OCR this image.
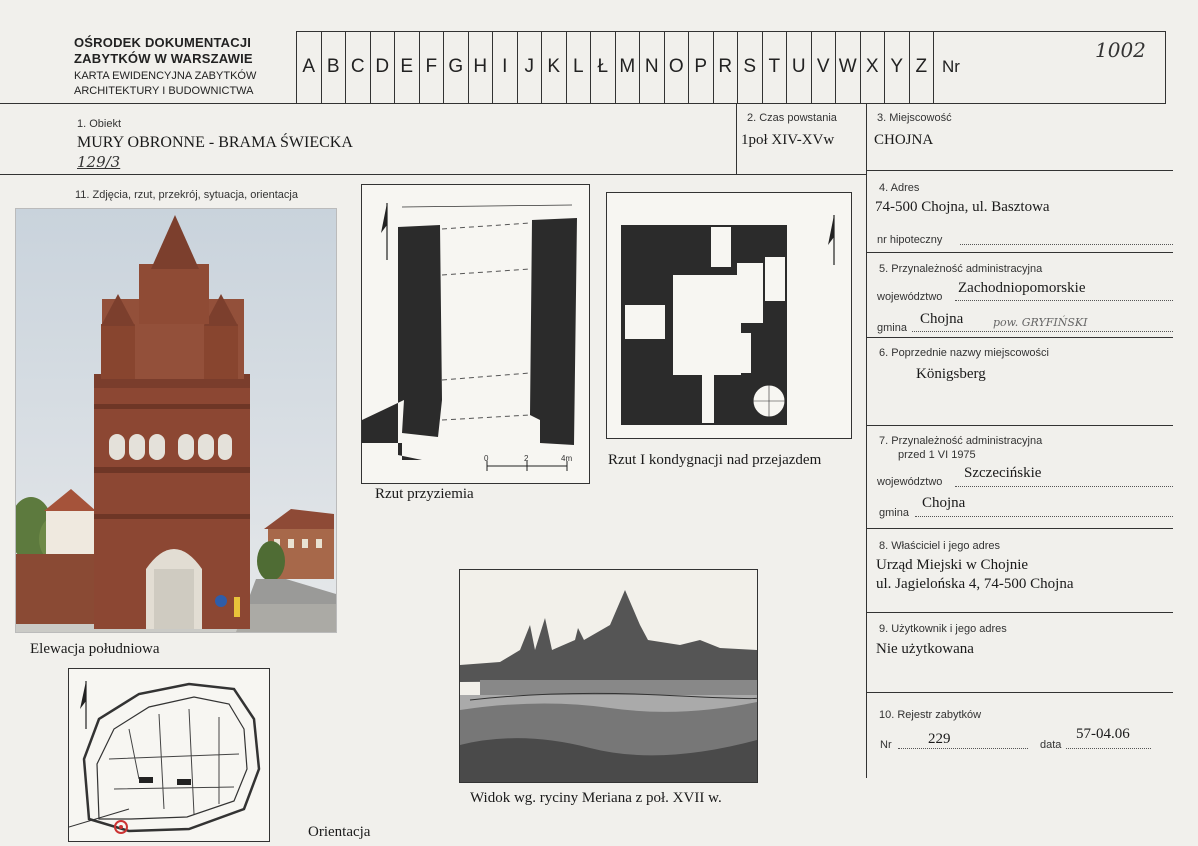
OŚRODEK DOKUMENTACJI
ZABYTKÓW W WARSZAWIE
KARTA EWIDENCYJNA ZABYTKÓW
ARCHITEKTURY I BUDOWNICTWA
A B C D E F G H I J K L Ł M N O P R S T U V W X Y Z Nr
1002
1. Obiekt
MURY OBRONNE - BRAMA ŚWIECKA
129/3
2. Czas powstania
1poł XIV-XVw
3. Miejscowość
CHOJNA
4. Adres
74-500 Chojna, ul. Basztowa
nr hipoteczny
5. Przynależność administracyjna
województwo
Zachodniopomorskie
gmina
Chojna	pow. GRYFIŃSKI
6. Poprzednie nazwy miejscowości
Königsberg
7. Przynależność administracyjna
przed 1 VI 1975
województwo
Szczecińskie
gmina
Chojna
8. Właściciel i jego adres
Urząd Miejski w Chojnie
ul. Jagielońska 4, 74-500 Chojna
9. Użytkownik i jego adres
Nie użytkowana
10. Rejestr zabytków
Nr 229	data
57-04.06
11. Zdjęcia, rzut, przekrój, sytuacja, orientacja
Elewacja południowa
0	2	4m
Rzut przyziemia
Rzut I kondygnacji nad przejazdem
Widok wg. ryciny Meriana z poł. XVII w.
Orientacja
